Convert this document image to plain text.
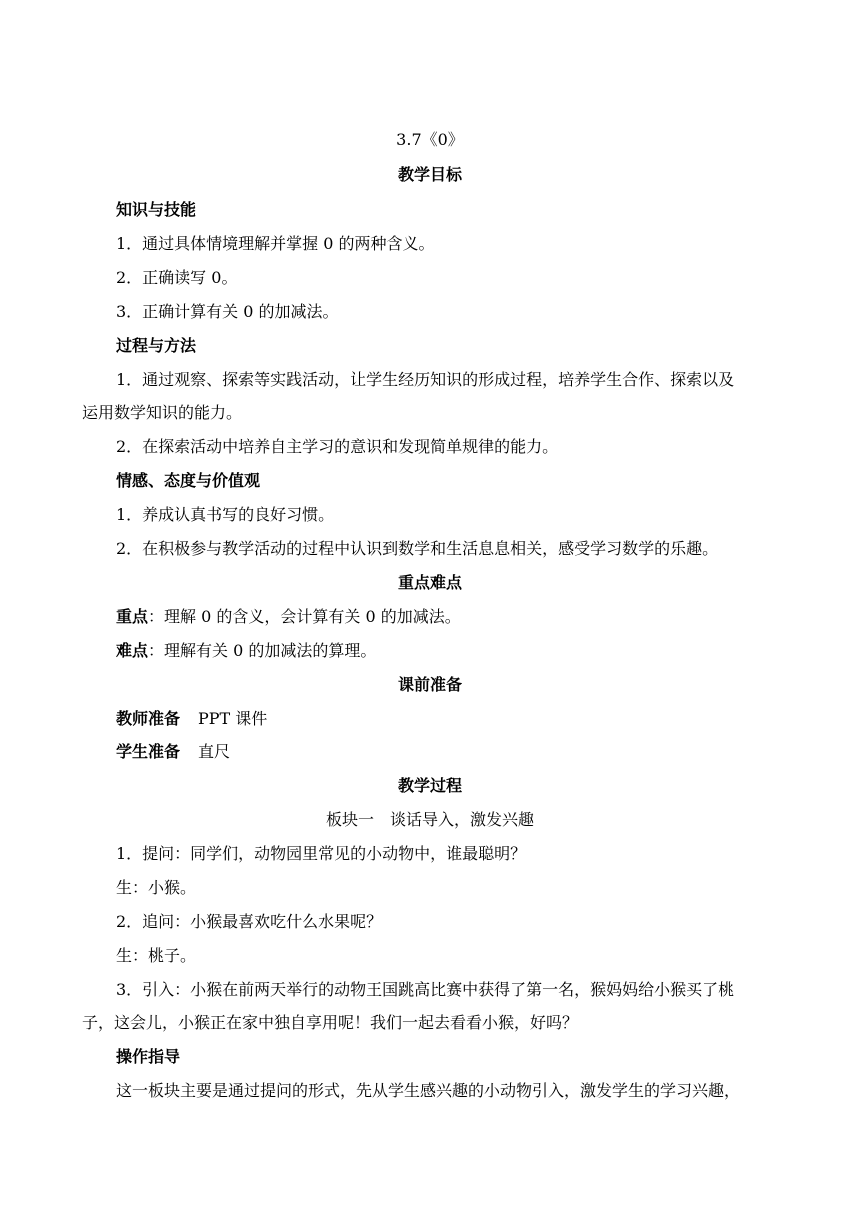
3.7《0》
教学目标
知识与技能
1．通过具体情境理解并掌握 0 的两种含义。
2．正确读写 0。
3．正确计算有关 0 的加减法。
过程与方法
1．通过观察、探索等实践活动，让学生经历知识的形成过程，培养学生合作、探索以及
运用数学知识的能力。
2．在探索活动中培养自主学习的意识和发现简单规律的能力。
情感、态度与价值观
1．养成认真书写的良好习惯。
2．在积极参与教学活动的过程中认识到数学和生活息息相关，感受学习数学的乐趣。
重点难点
重点：理解 0 的含义，会计算有关 0 的加减法。
难点：理解有关 0 的加减法的算理。
课前准备
教师准备 PPT 课件
学生准备 直尺
教学过程
板块一　谈话导入，激发兴趣
1．提问：同学们，动物园里常见的小动物中，谁最聪明？
生：小猴。
2．追问：小猴最喜欢吃什么水果呢？
生：桃子。
3．引入：小猴在前两天举行的动物王国跳高比赛中获得了第一名，猴妈妈给小猴买了桃
子，这会儿，小猴正在家中独自享用呢！我们一起去看看小猴，好吗？
操作指导
这一板块主要是通过提问的形式，先从学生感兴趣的小动物引入，激发学生的学习兴趣，
